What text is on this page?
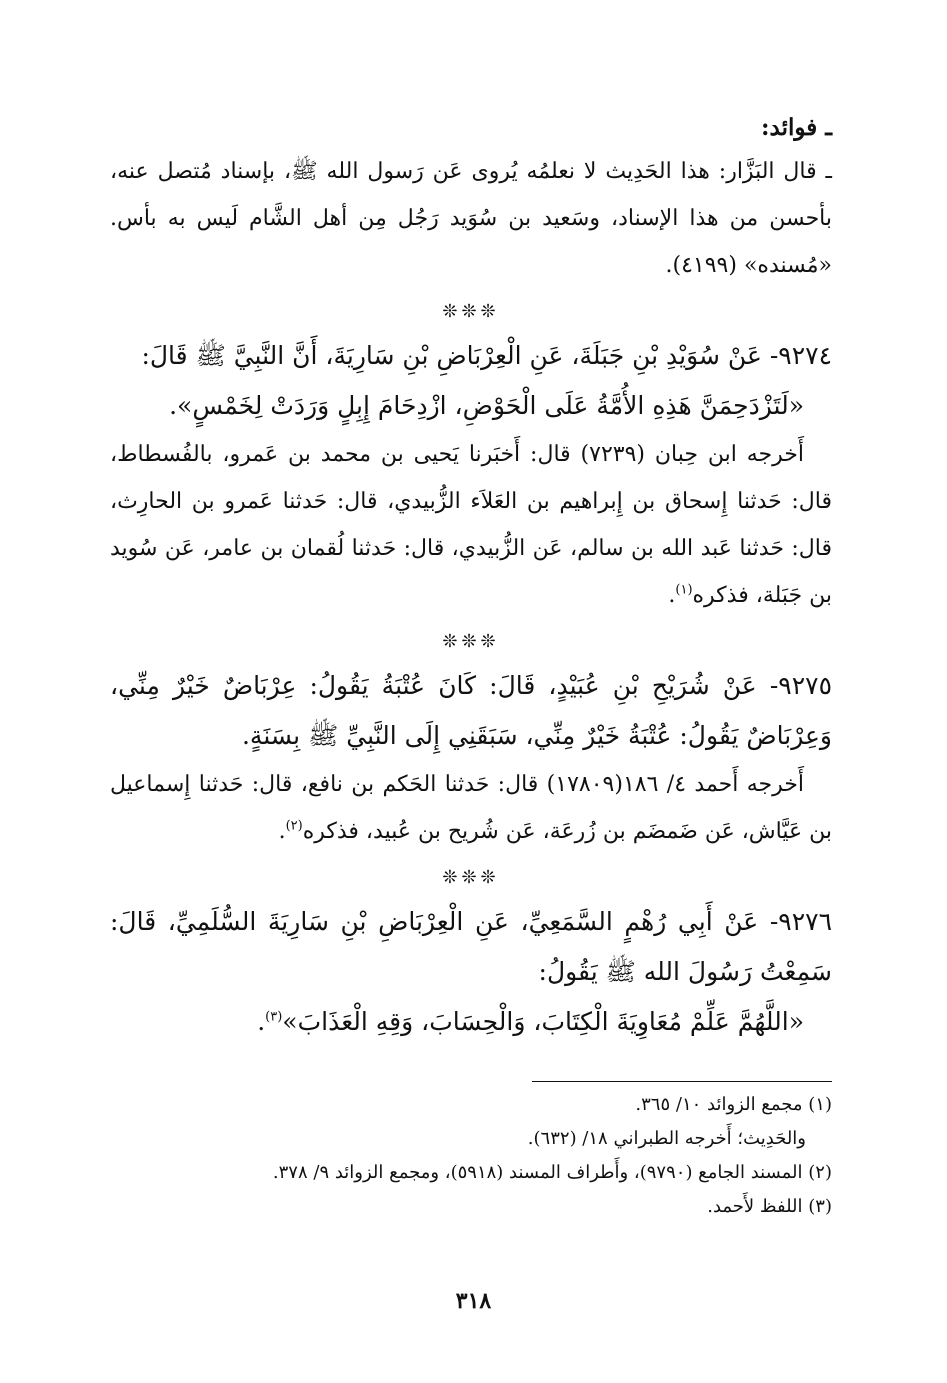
ـ فوائد:

ـ قال البَزَّار: هذا الحَدِيث لا نعلمُه يُروى عَن رَسول الله ﷺ، بإسناد مُتصل عنه، بأحسن من هذا الإسناد، وسَعيد بن سُوَيد رَجُل مِن أهل الشَّام لَيس به بأس. «مُسنده» (٤١٩٩).

❊❊❊

٩٢٧٤- عَنْ سُوَيْدِ بْنِ جَبَلَةَ، عَنِ الْعِرْبَاضِ بْنِ سَارِيَةَ، أَنَّ النَّبِيَّ ﷺ قَالَ:

«لَتَزْدَحِمَنَّ هَذِهِ الأُمَّةُ عَلَى الْحَوْضِ، ازْدِحَامَ إِبِلٍ وَرَدَتْ لِخَمْسٍ».

أَخرجه ابن حِبان (٧٢٣٩) قال: أَخبَرنا يَحيى بن محمد بن عَمرو، بالفُسطاط، قال: حَدثنا إِسحاق بن إِبراهيم بن العَلاَء الزُّبيدي، قال: حَدثنا عَمرو بن الحارِث، قال: حَدثنا عَبد الله بن سالم، عَن الزُّبيدي، قال: حَدثنا لُقمان بن عامر، عَن سُويد بن جَبَلة، فذكره$^{(١)}$.

❊❊❊

٩٢٧٥- عَنْ شُرَيْحِ بْنِ عُبَيْدٍ، قَالَ: كَانَ عُتْبَةُ يَقُولُ: عِرْبَاضٌ خَيْرٌ مِنِّي، وَعِرْبَاضٌ يَقُولُ: عُتْبَةُ خَيْرٌ مِنِّي، سَبَقَنِي إِلَى النَّبِيِّ ﷺ بِسَنَةٍ.

أَخرجه أَحمد ٤/ ١٨٦(١٧٨٠٩) قال: حَدثنا الحَكم بن نافع، قال: حَدثنا إِسماعيل بن عَيَّاش، عَن ضَمضَم بن زُرعَة، عَن شُريح بن عُبيد، فذكره$^{(٢)}$.

❊❊❊

٩٢٧٦- عَنْ أَبِي رُهْمٍ السَّمَعِيِّ، عَنِ الْعِرْبَاضِ بْنِ سَارِيَةَ السُّلَمِيِّ، قَالَ: سَمِعْتُ رَسُولَ الله ﷺ يَقُولُ:

«اللَّهُمَّ عَلِّمْ مُعَاوِيَةَ الْكِتَابَ، وَالْحِسَابَ، وَقِهِ الْعَذَابَ»$^{(٣)}$.

(١) مجمع الزوائد ١٠/ ٣٦٥.

والحَدِيث؛ أَخرجه الطبراني ١٨/ (٦٣٢).

(٢) المسند الجامع (٩٧٩٠)، وأَطراف المسند (٥٩١٨)، ومجمع الزوائد ٩/ ٣٧٨.

(٣) اللفظ لأَحمد.

٣١٨
